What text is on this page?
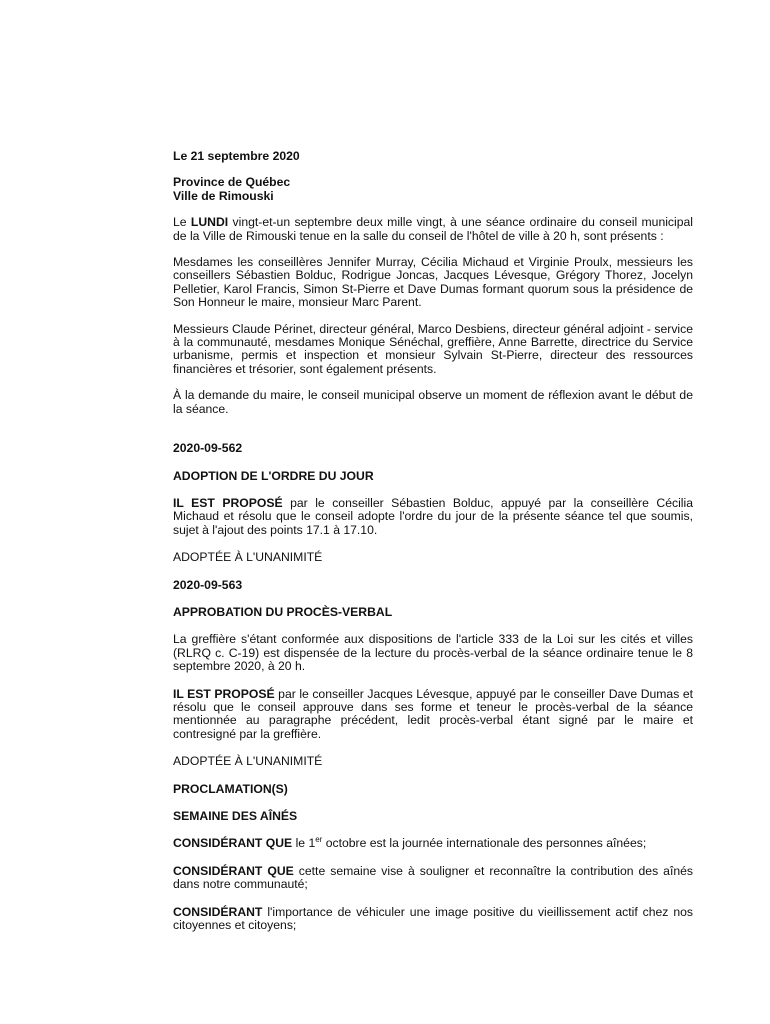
Le 21 septembre 2020

Province de Québec

Ville de Rimouski

Le LUNDI vingt-et-un septembre deux mille vingt, à une séance ordinaire du conseil municipal de la Ville de Rimouski tenue en la salle du conseil de l'hôtel de ville à 20 h, sont présents :

Mesdames les conseillères Jennifer Murray, Cécilia Michaud et Virginie Proulx, messieurs les conseillers Sébastien Bolduc, Rodrigue Joncas, Jacques Lévesque, Grégory Thorez, Jocelyn Pelletier, Karol Francis, Simon St-Pierre et Dave Dumas formant quorum sous la présidence de Son Honneur le maire, monsieur Marc Parent.

Messieurs Claude Périnet, directeur général, Marco Desbiens, directeur général adjoint - service à la communauté, mesdames Monique Sénéchal, greffière, Anne Barrette, directrice du Service urbanisme, permis et inspection et monsieur Sylvain St-Pierre, directeur des ressources financières et trésorier, sont également présents.

À la demande du maire, le conseil municipal observe un moment de réflexion avant le début de la séance.

2020-09-562

ADOPTION DE L'ORDRE DU JOUR

IL EST PROPOSÉ par le conseiller Sébastien Bolduc, appuyé par la conseillère Cécilia Michaud et résolu que le conseil adopte l'ordre du jour de la présente séance tel que soumis, sujet à l'ajout des points 17.1 à 17.10.

ADOPTÉE À L'UNANIMITÉ

2020-09-563

APPROBATION DU PROCÈS-VERBAL

La greffière s'étant conformée aux dispositions de l'article 333 de la Loi sur les cités et villes (RLRQ c. C-19) est dispensée de la lecture du procès-verbal de la séance ordinaire tenue le 8 septembre 2020, à 20 h.

IL EST PROPOSÉ par le conseiller Jacques Lévesque, appuyé par le conseiller Dave Dumas et résolu que le conseil approuve dans ses forme et teneur le procès-verbal de la séance mentionnée au paragraphe précédent, ledit procès-verbal étant signé par le maire et contresigné par la greffière.

ADOPTÉE À L'UNANIMITÉ

PROCLAMATION(S)

SEMAINE DES AÎNÉS

CONSIDÉRANT QUE le 1er octobre est la journée internationale des personnes aînées;

CONSIDÉRANT QUE cette semaine vise à souligner et reconnaître la contribution des aînés dans notre communauté;

CONSIDÉRANT l'importance de véhiculer une image positive du vieillissement actif chez nos citoyennes et citoyens;
